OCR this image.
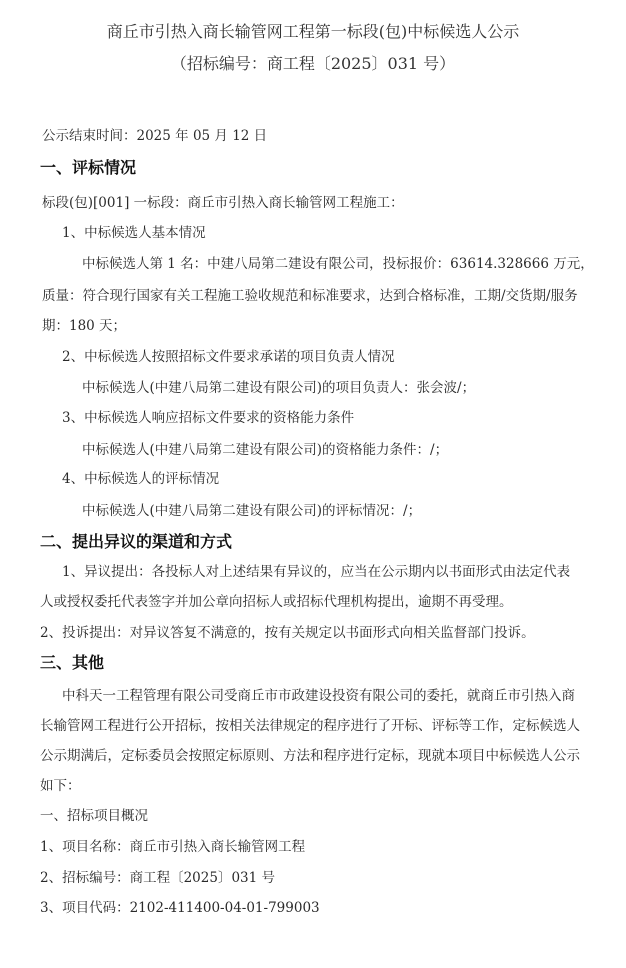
商丘市引热入商长输管网工程第一标段(包)中标候选人公示
（招标编号：商工程〔2025〕031 号）
公示结束时间：2025 年 05 月 12 日
一、评标情况
标段(包)[001] 一标段：商丘市引热入商长输管网工程施工：
1、中标候选人基本情况
中标候选人第 1 名：中建八局第二建设有限公司，投标报价：63614.328666 万元，
质量：符合现行国家有关工程施工验收规范和标准要求，达到合格标准，工期/交货期/服务
期：180 天；
2、中标候选人按照招标文件要求承诺的项目负责人情况
中标候选人(中建八局第二建设有限公司)的项目负责人：张会波/；
3、中标候选人响应招标文件要求的资格能力条件
中标候选人(中建八局第二建设有限公司)的资格能力条件：/；
4、中标候选人的评标情况
中标候选人(中建八局第二建设有限公司)的评标情况：/；
二、提出异议的渠道和方式
1、异议提出：各投标人对上述结果有异议的，应当在公示期内以书面形式由法定代表
人或授权委托代表签字并加公章向招标人或招标代理机构提出，逾期不再受理。
2、投诉提出：对异议答复不满意的，按有关规定以书面形式向相关监督部门投诉。
三、其他
中科天一工程管理有限公司受商丘市市政建设投资有限公司的委托，就商丘市引热入商
长输管网工程进行公开招标，按相关法律规定的程序进行了开标、评标等工作，定标候选人
公示期满后，定标委员会按照定标原则、方法和程序进行定标，现就本项目中标候选人公示
如下：
一、招标项目概况
1、项目名称：商丘市引热入商长输管网工程
2、招标编号：商工程〔2025〕031 号
3、项目代码：2102-411400-04-01-799003
